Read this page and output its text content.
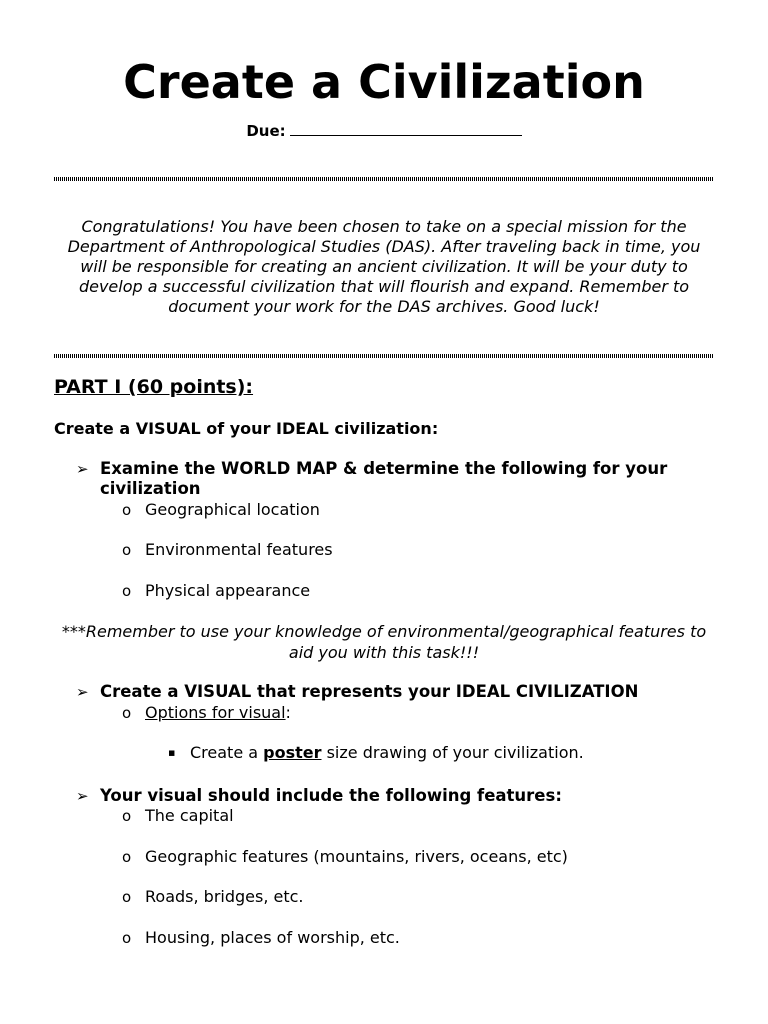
Create a Civilization
Due:
Congratulations! You have been chosen to take on a special mission for the Department of Anthropological Studies (DAS). After traveling back in time, you will be responsible for creating an ancient civilization. It will be your duty to develop a successful civilization that will flourish and expand. Remember to document your work for the DAS archives. Good luck!
PART I (60 points):
Create a VISUAL of your IDEAL civilization:
➢ Examine the WORLD MAP & determine the following for your civilization
o Geographical location
o Environmental features
o Physical appearance
***Remember to use your knowledge of environmental/geographical features to aid you with this task!!!
➢ Create a VISUAL that represents your IDEAL CIVILIZATION
o Options for visual:
▪ Create a poster size drawing of your civilization.
➢ Your visual should include the following features:
o The capital
o Geographic features (mountains, rivers, oceans, etc)
o Roads, bridges, etc.
o Housing, places of worship, etc.
